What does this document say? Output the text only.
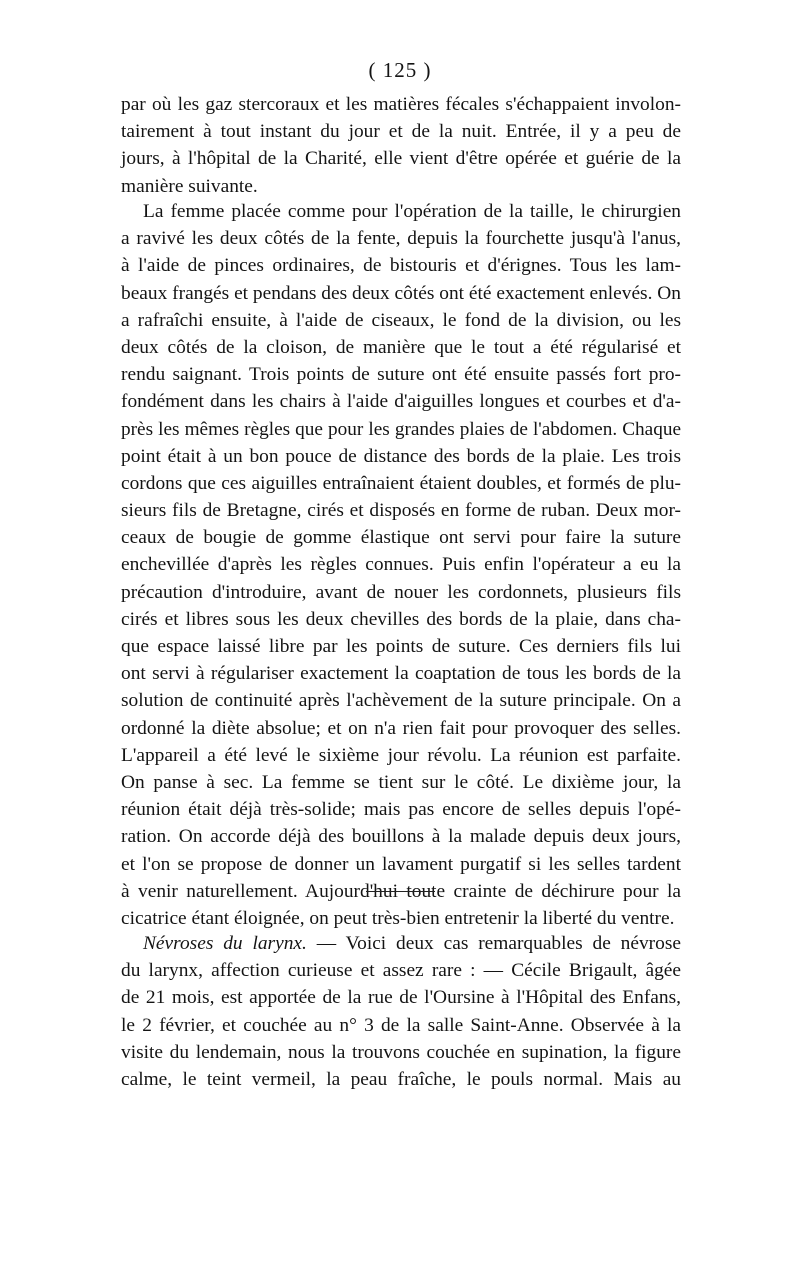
( 125 )
par où les gaz stercoraux et les matières fécales s'échappaient involon-
tairement à tout instant du jour et de la nuit. Entrée, il y a peu de
jours, à l'hôpital de la Charité, elle vient d'être opérée et guérie de la
manière suivante.
La femme placée comme pour l'opération de la taille, le chirurgien
a ravivé les deux côtés de la fente, depuis la fourchette jusqu'à l'anus,
à l'aide de pinces ordinaires, de bistouris et d'érignes. Tous les lam-
beaux frangés et pendans des deux côtés ont été exactement enlevés. On
a rafraîchi ensuite, à l'aide de ciseaux, le fond de la division, ou les
deux côtés de la cloison, de manière que le tout a été régularisé et
rendu saignant. Trois points de suture ont été ensuite passés fort pro-
fondément dans les chairs à l'aide d'aiguilles longues et courbes et d'a-
près les mêmes règles que pour les grandes plaies de l'abdomen. Chaque
point était à un bon pouce de distance des bords de la plaie. Les trois
cordons que ces aiguilles entraînaient étaient doubles, et formés de plu-
sieurs fils de Bretagne, cirés et disposés en forme de ruban. Deux mor-
ceaux de bougie de gomme élastique ont servi pour faire la suture
enchevillée d'après les règles connues. Puis enfin l'opérateur a eu la
précaution d'introduire, avant de nouer les cordonnets, plusieurs fils
cirés et libres sous les deux chevilles des bords de la plaie, dans cha-
que espace laissé libre par les points de suture. Ces derniers fils lui
ont servi à régulariser exactement la coaptation de tous les bords de la
solution de continuité après l'achèvement de la suture principale. On a
ordonné la diète absolue; et on n'a rien fait pour provoquer des selles.
L'appareil a été levé le sixième jour révolu. La réunion est parfaite.
On panse à sec. La femme se tient sur le côté. Le dixième jour, la
réunion était déjà très-solide; mais pas encore de selles depuis l'opé-
ration. On accorde déjà des bouillons à la malade depuis deux jours,
et l'on se propose de donner un lavament purgatif si les selles tardent
à venir naturellement. Aujourd'hui toute crainte de déchirure pour la
cicatrice étant éloignée, on peut très-bien entretenir la liberté du ventre.
Névroses du larynx. — Voici deux cas remarquables de névrose
du larynx, affection curieuse et assez rare : — Cécile Brigault, âgée
de 21 mois, est apportée de la rue de l'Oursine à l'Hôpital des Enfans,
le 2 février, et couchée au n° 3 de la salle Saint-Anne. Observée à la
visite du lendemain, nous la trouvons couchée en supination, la figure
calme, le teint vermeil, la peau fraîche, le pouls normal. Mais au
